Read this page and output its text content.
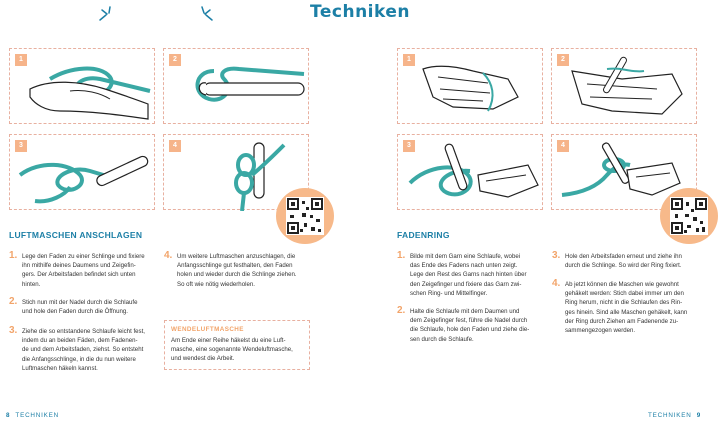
Techniken
1	2
3	4
LUFTMASCHEN ANSCHLAGEN
1. Lege den Faden zu einer Schlinge und fixiere
ihn mithilfe deines Daumens und Zeigefin-
gers. Der Arbeitsfaden befindet sich unten
hinten.
2. Stich nun mit der Nadel durch die Schlaufe
und hole den Faden durch die Öffnung.
3. Ziehe die so entstandene Schlaufe leicht fest,
indem du an beiden Fäden, dem Fadenen-
de und dem Arbeitsfaden, ziehst. So entsteht
die Anfangsschlinge, in die du nun weitere
Luftmaschen häkeln kannst.
4. Um weitere Luftmaschen anzuschlagen, die
Anfangsschlinge gut festhalten, den Faden
holen und wieder durch die Schlinge ziehen.
So oft wie nötig wiederholen.
WENDELUFTMASCHE
Am Ende einer Reihe häkelst du eine Luft-
masche, eine sogenannte Wendeluftmasche,
und wendest die Arbeit.
8 TECHNIKEN
1	2
3	4
FADENRING
1. Bilde mit dem Garn eine Schlaufe, wobei
das Ende des Fadens nach unten zeigt.
Lege den Rest des Garns nach hinten über
den Zeigefinger und fixiere das Garn zwi-
schen Ring- und Mittelfinger.
2. Halte die Schlaufe mit dem Daumen und
dem Zeigefinger fest, führe die Nadel durch
die Schlaufe, hole den Faden und ziehe die-
sen durch die Schlaufe.
3. Hole den Arbeitsfaden erneut und ziehe ihn
durch die Schlinge. So wird der Ring fixiert.
4. Ab jetzt können die Maschen wie gewohnt
gehäkelt werden: Stich dabei immer um den
Ring herum, nicht in die Schlaufen des Rin-
ges hinein. Sind alle Maschen gehäkelt, kann
der Ring durch Ziehen am Fadenende zu-
sammengezogen werden.
TECHNIKEN 9
